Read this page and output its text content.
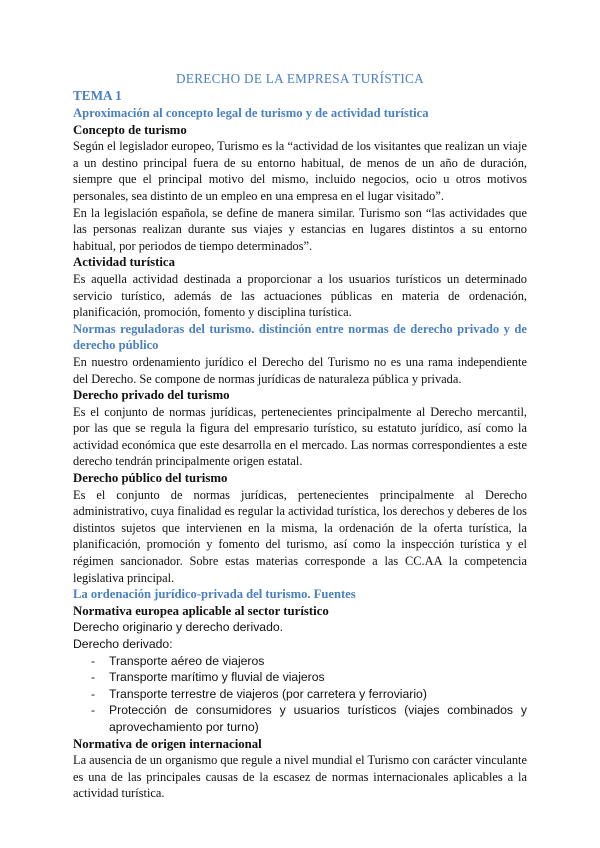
DERECHO DE LA EMPRESA TURÍSTICA
TEMA 1
Aproximación al concepto legal de turismo y de actividad turística
Concepto de turismo
Según el legislador europeo, Turismo es la “actividad de los visitantes que realizan un viaje a un destino principal fuera de su entorno habitual, de menos de un año de duración, siempre que el principal motivo del mismo, incluido negocios, ocio u otros motivos personales, sea distinto de un empleo en una empresa en el lugar visitado”.
En la legislación española, se define de manera similar. Turismo son “las actividades que las personas realizan durante sus viajes y estancias en lugares distintos a su entorno habitual, por periodos de tiempo determinados”.
Actividad turística
Es aquella actividad destinada a proporcionar a los usuarios turísticos un determinado servicio turístico, además de las actuaciones públicas en materia de ordenación, planificación, promoción, fomento y disciplina turística.
Normas reguladoras del turismo. distinción entre normas de derecho privado y de derecho público
En nuestro ordenamiento jurídico el Derecho del Turismo no es una rama independiente del Derecho. Se compone de normas jurídicas de naturaleza pública y privada.
Derecho privado del turismo
Es el conjunto de normas jurídicas, pertenecientes principalmente al Derecho mercantil, por las que se regula la figura del empresario turístico, su estatuto jurídico, así como la actividad económica que este desarrolla en el mercado. Las normas correspondientes a este derecho tendrán principalmente origen estatal.
Derecho público del turismo
Es el conjunto de normas jurídicas, pertenecientes principalmente al Derecho administrativo, cuya finalidad es regular la actividad turística, los derechos y deberes de los distintos sujetos que intervienen en la misma, la ordenación de la oferta turística, la planificación, promoción y fomento del turismo, así como la inspección turística y el régimen sancionador. Sobre estas materias corresponde a las CC.AA la competencia legislativa principal.
La ordenación jurídico-privada del turismo. Fuentes
Normativa europea aplicable al sector turístico
Derecho originario y derecho derivado.
Derecho derivado:
- Transporte aéreo de viajeros
- Transporte marítimo y fluvial de viajeros
- Transporte terrestre de viajeros (por carretera y ferroviario)
- Protección de consumidores y usuarios turísticos (viajes combinados y aprovechamiento por turno)
Normativa de origen internacional
La ausencia de un organismo que regule a nivel mundial el Turismo con carácter vinculante es una de las principales causas de la escasez de normas internacionales aplicables a la actividad turística.
